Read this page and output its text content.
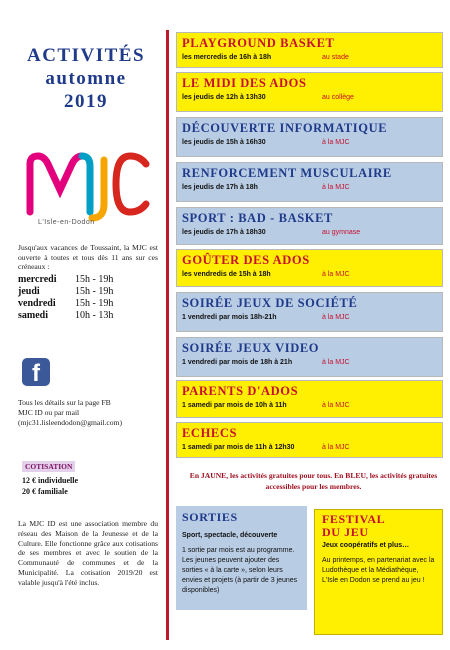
ACTIVITÉS
automne
2019
L'Isle-en-Dodon
Jusqu'aux vacances de Toussaint, la MJC est ouverte à toutes et tous dès 11 ans sur ces créneaux :
mercredi	15h - 19h
jeudi	15h - 19h
vendredi	15h - 19h
samedi	10h - 13h
f
Tous les détails sur la page FB
MJC ID ou par mail
(mjc31.lisleendodon@gmail.com)
COTISATION
12 € individuelle
20 € familiale
La MJC ID est une association membre du réseau des Maison de la Jeunesse et de la Culture. Elle fonctionne grâce aux cotisations de ses membres et avec le soutien de la Communauté de communes et de la Municipalité. La cotisation 2019/20 est valable jusqu'à l'été inclus.
PLAYGROUND BASKET
les mercredis de 16h à 18h	au stade
LE MIDI DES ADOS
les jeudis de 12h à 13h30	au collège
DÉCOUVERTE INFORMATIQUE
les jeudis de 15h à 16h30	à la MJC
RENFORCEMENT MUSCULAIRE
les jeudis de 17h à 18h	à la MJC
SPORT : BAD - BASKET
les jeudis de 17h à 18h30	au gymnase
GOÛTER DES ADOS
les vendredis de 15h à 18h	à la MJC
SOIRÉE JEUX DE SOCIÉTÉ
1 vendredi par mois 18h-21h	à la MJC
SOIRÉE JEUX VIDEO
1 vendredi par mois de 18h à 21h	à la MJC
PARENTS D'ADOS
1 samedi par mois de 10h à 11h	à la MJC
ECHECS
1 samedi par mois de 11h à 12h30	à la MJC
En JAUNE, les activités gratuites pour tous. En BLEU, les activités gratuites accessibles pour les membres.
SORTIES
Sport, spectacle, découverte
1 sortie par mois est au programme. Les jeunes peuvent ajouter des sorties « à la carte », selon leurs envies et projets (à partir de 3 jeunes disponibles)
FESTIVAL
DU JEU
Jeux coopératifs et plus…
Au printemps, en partenariat avec la Ludothèque et la Médiathèque, L'Isle en Dodon se prend au jeu !
